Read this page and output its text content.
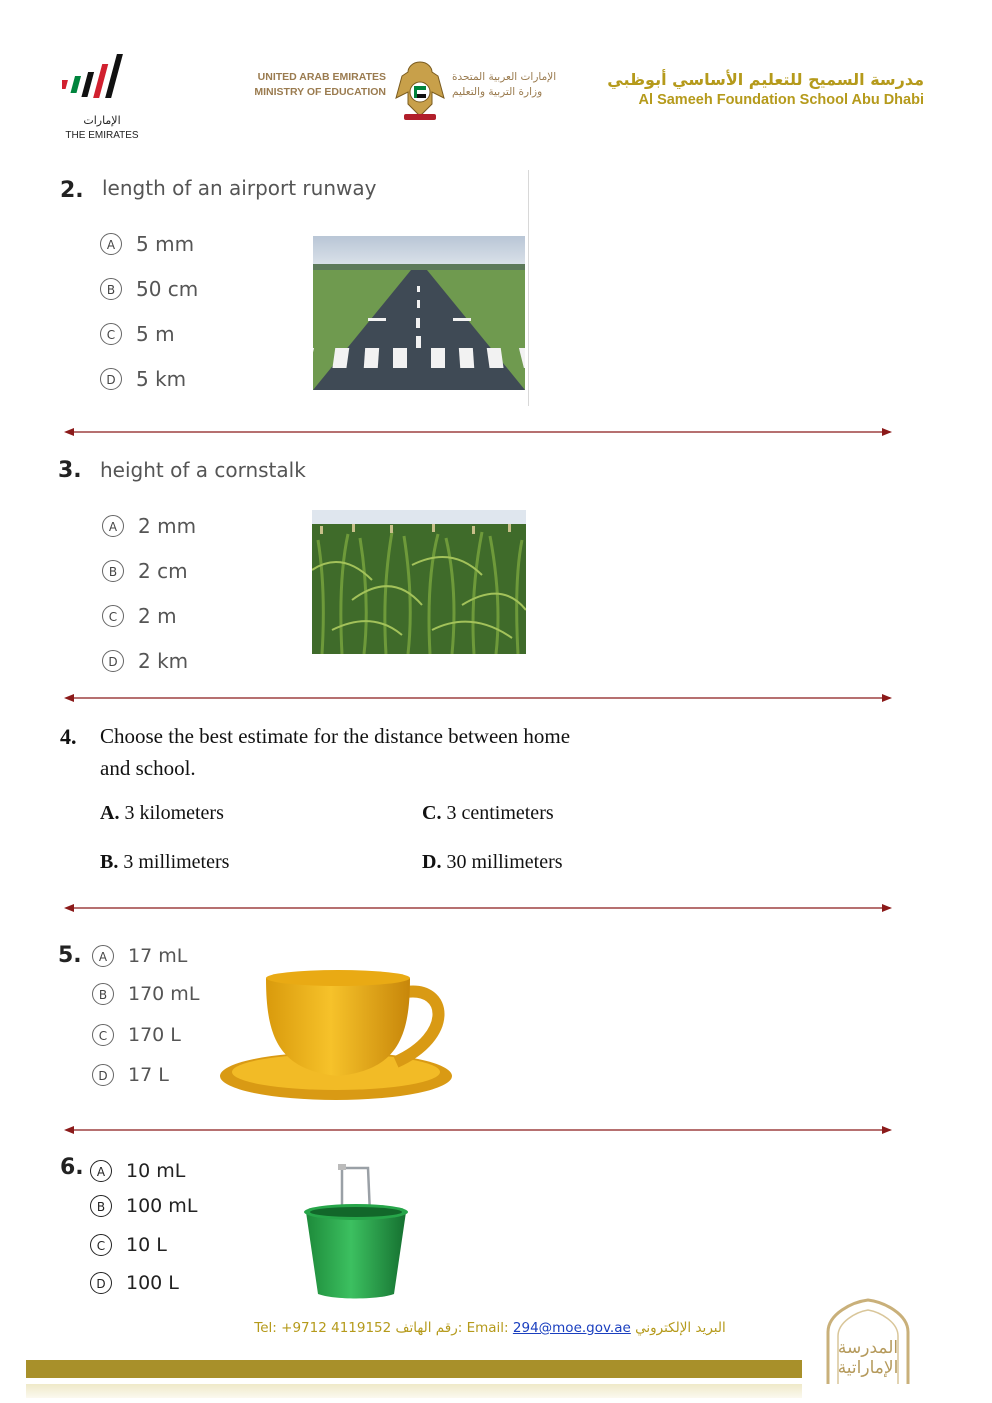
الإمارات
THE EMIRATES
UNITED ARAB EMIRATES
MINISTRY OF EDUCATION
الإمارات العربية المتحدة
وزارة التربية والتعليم
مدرسة السميح للتعليم الأساسي أبوظبي
Al Sameeh Foundation School Abu Dhabi
2. length of an airport runway
A	5 mm
B	50 cm
C	5 m
D	5 km
3. height of a cornstalk
A	2 mm
B	2 cm
C	2 m
D	2 km
4. Choose the best estimate for the distance between home
and school.
A. 3 kilometers
B. 3 millimeters
C. 3 centimeters
D. 30 millimeters
5.	A	17 mL
B	170 mL
C	170 L
D	17 L
6.	A	10 mL
B	100 mL
C	10 L
D	100 L
Tel: +9712 4119152 رقم الهاتف: Email: 294@moe.gov.ae البريد الإلكتروني
المدرسة
الإماراتية
